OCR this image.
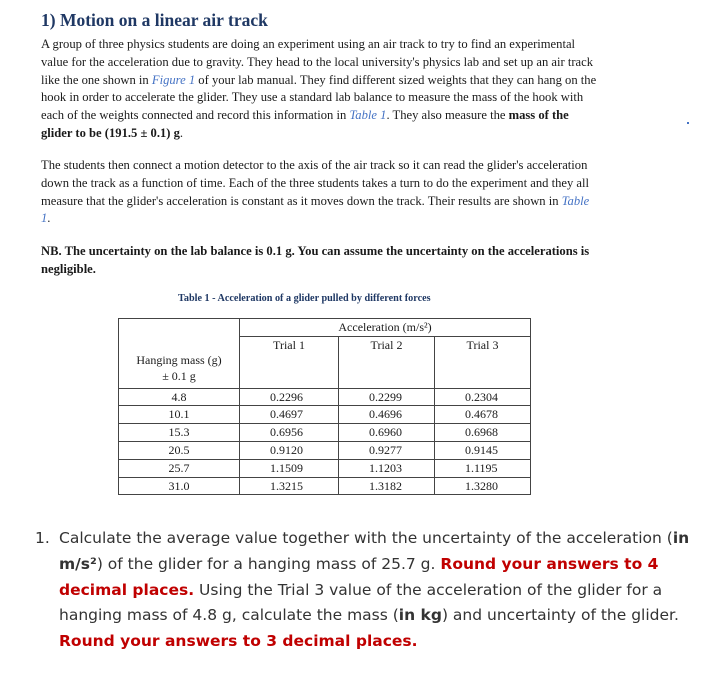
1) Motion on a linear air track

A group of three physics students are doing an experiment using an air track to try to find an experimental value for the acceleration due to gravity. They head to the local university's physics lab and set up an air track like the one shown in Figure 1 of your lab manual. They find different sized weights that they can hang on the hook in order to accelerate the glider. They use a standard lab balance to measure the mass of the hook with each of the weights connected and record this information in Table 1. They also measure the mass of the glider to be (191.5 ± 0.1) g.

The students then connect a motion detector to the axis of the air track so it can read the glider's acceleration down the track as a function of time. Each of the three students takes a turn to do the experiment and they all measure that the glider's acceleration is constant as it moves down the track. Their results are shown in Table 1.

NB. The uncertainty on the lab balance is 0.1 g. You can assume the uncertainty on the accelerations is negligible.

Table 1 - Acceleration of a glider pulled by different forces
Hanging mass (g)
± 0.1 g	Acceleration (m/s²)		
	Trial 1	Trial 2	Trial 3

4.8	0.2296	0.2299	0.2304
10.1	0.4697	0.4696	0.4678
15.3	0.6956	0.6960	0.6968
20.5	0.9120	0.9277	0.9145
25.7	1.1509	1.1203	1.1195
31.0	1.3215	1.3182	1.3280
1. Calculate the average value together with the uncertainty of the acceleration (in m/s²) of the glider for a hanging mass of 25.7 g. Round your answers to 4 decimal places. Using the Trial 3 value of the acceleration of the glider for a hanging mass of 4.8 g, calculate the mass (in kg) and uncertainty of the glider. Round your answers to 3 decimal places.
